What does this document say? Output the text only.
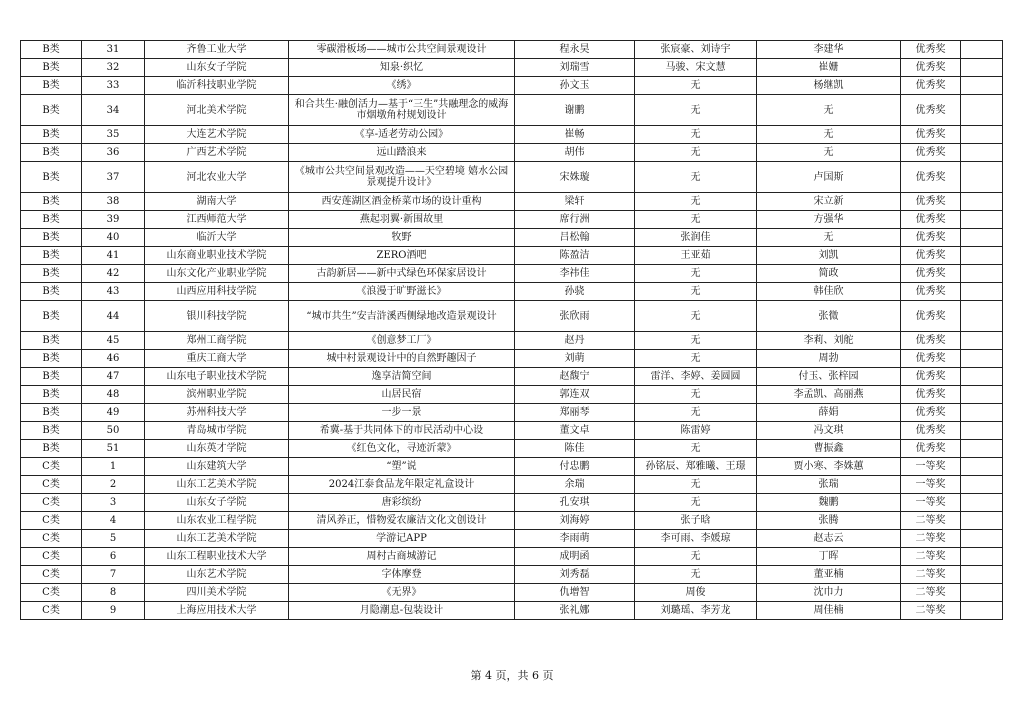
B类	31	齐鲁工业大学	零碳滑板场——城市公共空间景观设计	程永昊	张宸豪、刘诗宇	李建华	优秀奖	
B类	32	山东女子学院	知泉·织忆	刘瑞雪	马骏、宋文慧	崔姗	优秀奖	
B类	33	临沂科技职业学院	《绣》	孙文玉	无	杨继凯	优秀奖	
B类	34	河北美术学院	和合共生·融创活力—基于“三生”共融理念的威海市烟墩角村规划设计	谢鹏	无	无	优秀奖	
B类	35	大连艺术学院	《享-适老劳动公园》	崔畅	无	无	优秀奖	
B类	36	广西艺术学院	远山踏浪来	胡伟	无	无	优秀奖	
B类	37	河北农业大学	《城市公共空间景观改造——天空碧境 嬉水公园景观提升设计》	宋姝璇	无	卢国斯	优秀奖	
B类	38	湖南大学	西安莲湖区酒金桥菜市场的设计重构	梁轩	无	宋立新	优秀奖	
B类	39	江西师范大学	燕起羽翼·新围故里	席行洲	无	方强华	优秀奖	
B类	40	临沂大学	牧野	吕松翰	张润佳	无	优秀奖	
B类	41	山东商业职业技术学院	ZERO酒吧	陈盈洁	王亚茹	刘凯	优秀奖	
B类	42	山东文化产业职业学院	古韵新居——新中式绿色环保家居设计	李祎佳	无	简政	优秀奖	
B类	43	山西应用科技学院	《浪漫于旷野滋长》	孙骁	无	韩佳欣	优秀奖	
B类	44	银川科技学院	“城市共生”安吉浒溪西侧绿地改造景观设计	张欣雨	无	张微	优秀奖	
B类	45	郑州工商学院	《创意梦工厂》	赵丹	无	李莉、刘舵	优秀奖	
B类	46	重庆工商大学	城中村景观设计中的自然野趣因子	刘萌	无	周勃	优秀奖	
B类	47	山东电子职业技术学院	逸享洁简空间	赵馥宁	雷洋、李婷、姜圆圆	付玉、张梓园	优秀奖	
B类	48	滨州职业学院	山居民宿	郭连双	无	李孟凯、高丽燕	优秀奖	
B类	49	苏州科技大学	一步一景	郑丽琴	无	薛娟	优秀奖	
B类	50	青岛城市学院	希冀-基于共同体下的市民活动中心设	董文卓	陈雷婷	冯文琪	优秀奖	
B类	51	山东英才学院	《红色文化，寻迹沂蒙》	陈佳	无	曹振鑫	优秀奖	
C类	1	山东建筑大学	“塑”说	付忠鹏	孙铭辰、郑雅曦、王璟	贾小寒、李姝蕙	一等奖	
C类	2	山东工艺美术学院	2024江泰食品龙年限定礼盒设计	余瑞	无	张瑞	一等奖	
C类	3	山东女子学院	唐彩缤纷	孔安琪	无	魏鹏	一等奖	
C类	4	山东农业工程学院	清风养正，惜物爱农廉洁文化文创设计	刘海婷	张子晗	张腾	二等奖	
C类	5	山东工艺美术学院	学游记APP	李雨萌	李可雨、李媛琼	赵志云	二等奖	
C类	6	山东工程职业技术大学	周村古商城游记	成明函	无	丁晖	二等奖	
C类	7	山东艺术学院	字体摩登	刘秀磊	无	董亚楠	二等奖	
C类	8	四川美术学院	《无界》	仇增智	周俊	沈巾力	二等奖	
C类	9	上海应用技术大学	月隐潮息-包装设计	张礼娜	刘璐瑶、李芳龙	周佳楠	二等奖	
第 4 页，共 6 页
